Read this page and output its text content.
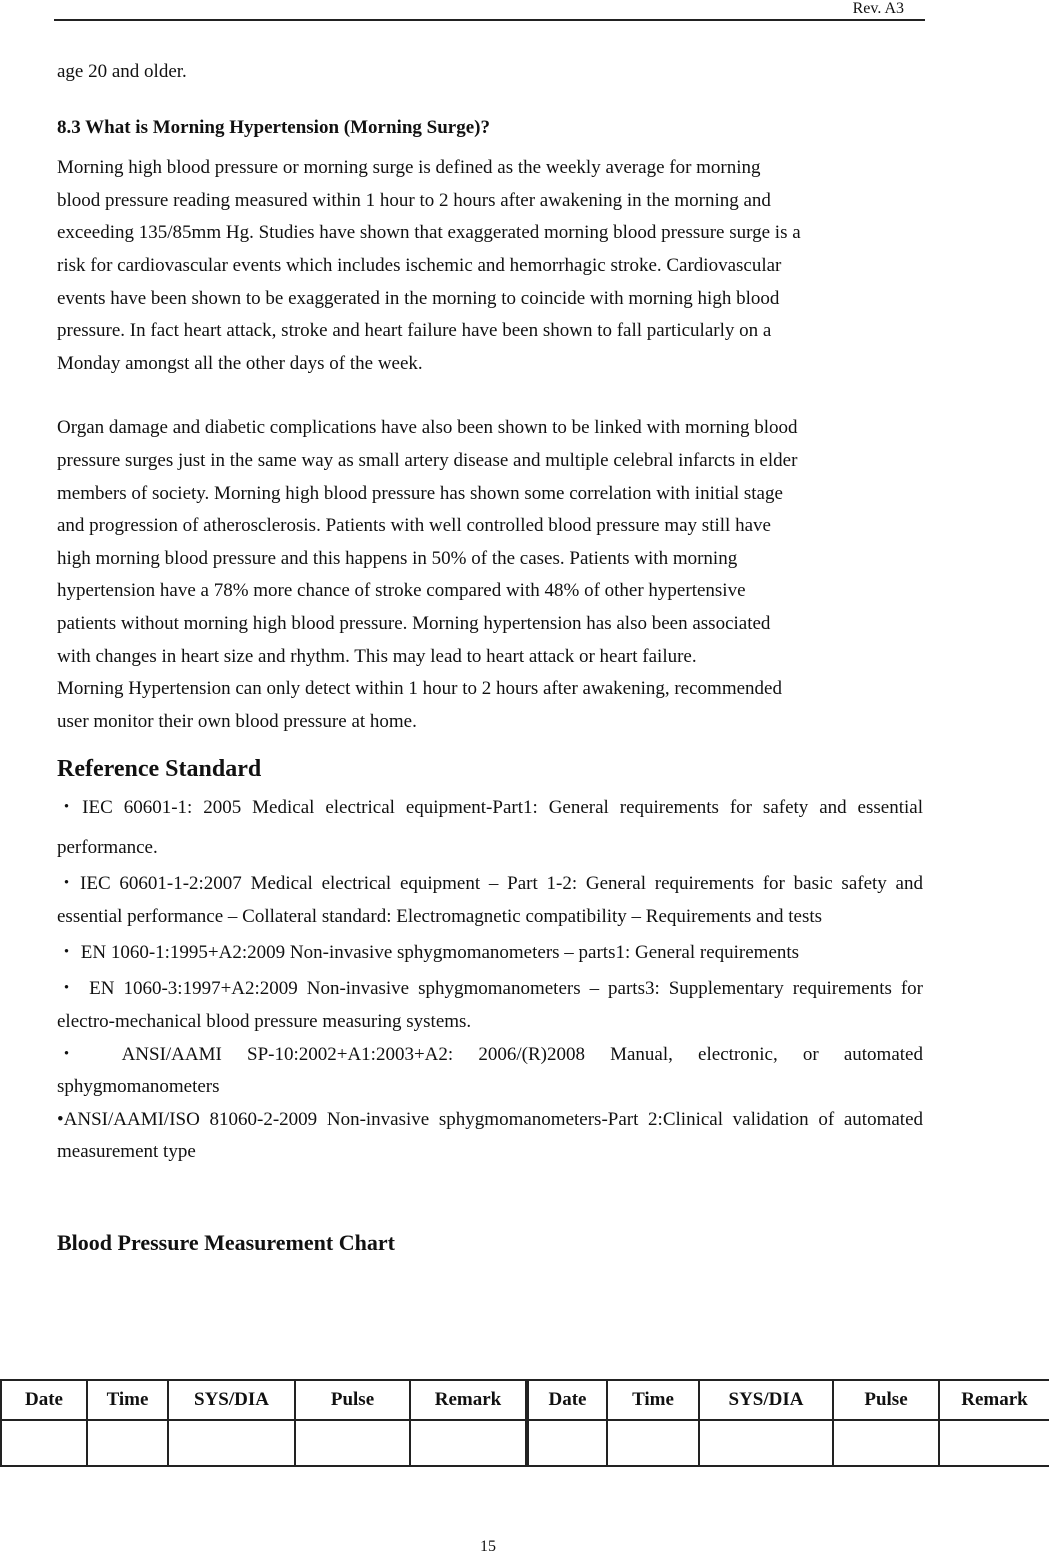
Rev. A3

age 20 and older.

8.3 What is Morning Hypertension (Morning Surge)?

Morning high blood pressure or morning surge is defined as the weekly average for morning

blood pressure reading measured within 1 hour to 2 hours after awakening in the morning and

exceeding 135/85mm Hg. Studies have shown that exaggerated morning blood pressure surge is a

risk for cardiovascular events which includes ischemic and hemorrhagic stroke. Cardiovascular

events have been shown to be exaggerated in the morning to coincide with morning high blood

pressure. In fact heart attack, stroke and heart failure have been shown to fall particularly on a

Monday amongst all the other days of the week.

Organ damage and diabetic complications have also been shown to be linked with morning blood

pressure surges just in the same way as small artery disease and multiple celebral infarcts in elder

members of society. Morning high blood pressure has shown some correlation with initial stage

and progression of atherosclerosis. Patients with well controlled blood pressure may still have

high morning blood pressure and this happens in 50% of the cases. Patients with morning

hypertension have a 78% more chance of stroke compared with 48% of other hypertensive

patients without morning high blood pressure. Morning hypertension has also been associated

with changes in heart size and rhythm. This may lead to heart attack or heart failure.

Morning Hypertension can only detect within 1 hour to 2 hours after awakening, recommended

user monitor their own blood pressure at home.

Reference Standard

・IEC 60601-1: 2005 Medical electrical equipment-Part1: General requirements for safety and essential performance.

・IEC 60601-1-2:2007 Medical electrical equipment – Part 1-2: General requirements for basic safety and essential performance – Collateral standard: Electromagnetic compatibility – Requirements and tests

・ EN 1060-1:1995+A2:2009 Non-invasive sphygmomanometers – parts1: General requirements

・ EN 1060-3:1997+A2:2009 Non-invasive sphygmomanometers – parts3: Supplementary requirements for electro-mechanical blood pressure measuring systems.

・ ANSI/AAMI SP-10:2002+A1:2003+A2: 2006/(R)2008 Manual, electronic, or automated sphygmomanometers

•ANSI/AAMI/ISO 81060-2-2009 Non-invasive sphygmomanometers-Part 2:Clinical validation of automated measurement type

Blood Pressure Measurement Chart

Date	Time	SYS/DIA	Pulse	Remark	Date	Time	SYS/DIA	Pulse	Remark

15
